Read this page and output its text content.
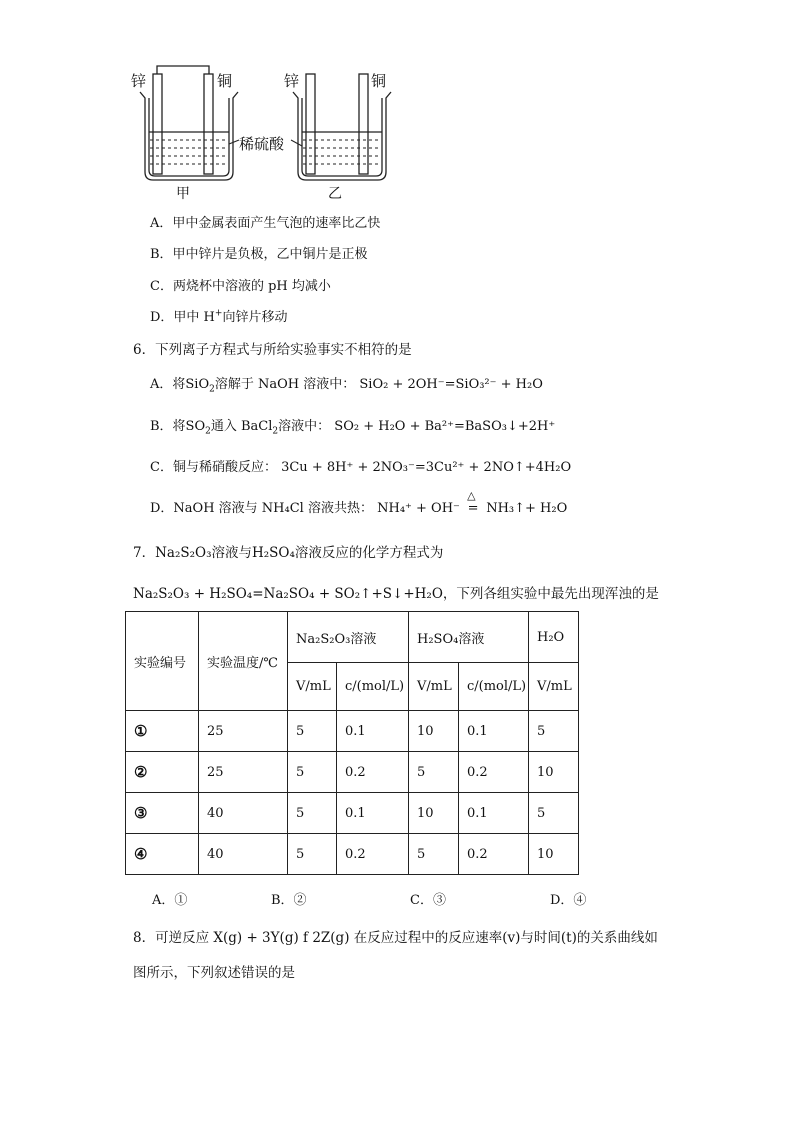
锌	铜	锌	铜
稀硫酸
甲	乙
A．甲中金属表面产生气泡的速率比乙快
B．甲中锌片是负极，乙中铜片是正极
C．两烧杯中溶液的 pH 均减小
D．甲中 H+向锌片移动
6．下列离子方程式与所给实验事实不相符的是
A．将SiO$_2$溶解于 NaOH 溶液中： SiO₂ + 2OH⁻=SiO₃²⁻ + H₂O
B．将$SO_2$通入 BaCl$_2$溶液中： SO₂ + H₂O + Ba²⁺=BaSO₃↓+2H⁺
C．铜与稀硝酸反应： 3Cu + 8H⁺ + 2NO₃⁻=3Cu²⁺ + 2NO↑+4H₂O
D．NaOH 溶液与 NH₄Cl 溶液共热： NH₄⁺ + OH⁻
△
= NH₃↑+ H₂O
7．Na₂S₂O₃溶液与H₂SO₄溶液反应的化学方程式为
Na₂S₂O₃ + H₂SO₄=Na₂SO₄ + SO₂↑+S↓+H₂O，下列各组实验中最先出现浑浊的是
实验编号	实验温度/℃	Na₂S₂O₃溶液		H₂SO₄溶液		H₂O
		V/mL	c/(mol/L)	V/mL	c/(mol/L)	V/mL
①	25	5	0.1	10	0.1	5
②	25	5	0.2	5	0.2	10
③	40	5	0.1	10	0.1	5
④	40	5	0.2	5	0.2	10
A．①	B．②	C．③	D．④
8．可逆反应 X(g) + 3Y(g) f 2Z(g) 在反应过程中的反应速率(v)与时间(t)的关系曲线如
图所示，下列叙述错误的是
